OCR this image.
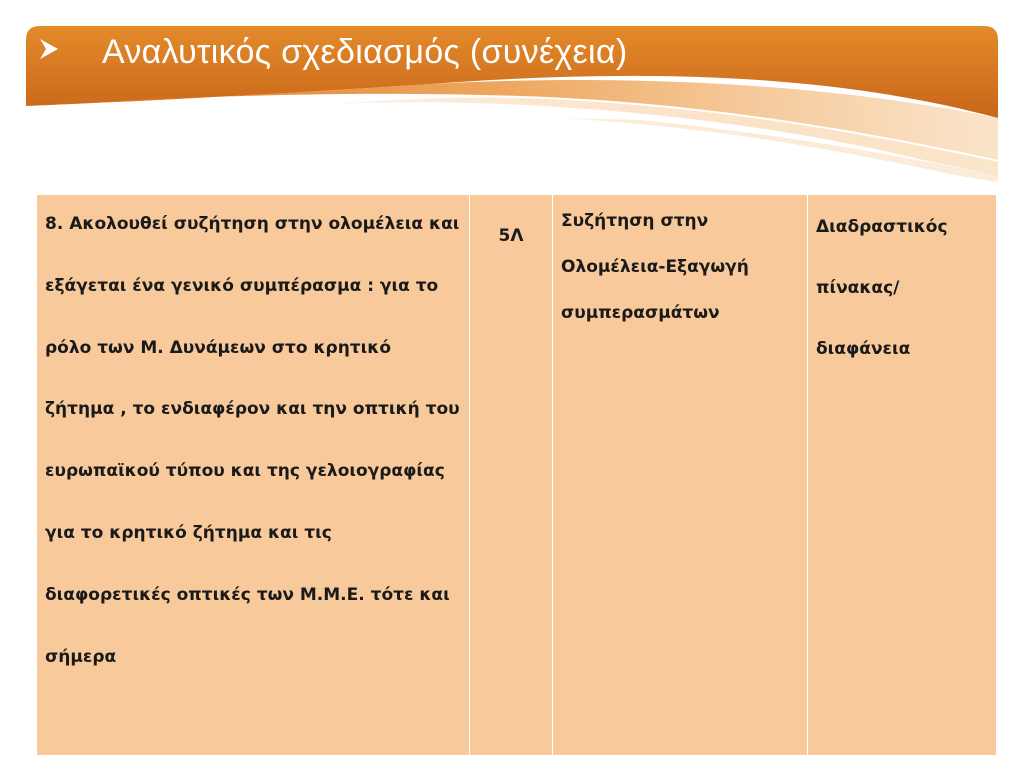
Αναλυτικός σχεδιασμός (συνέχεια)
8. Ακολουθεί συζήτηση στην ολομέλεια και εξάγεται ένα γενικό συμπέρασμα : για το ρόλο των Μ. Δυνάμεων στο κρητικό ζήτημα , το ενδιαφέρον και την οπτική του ευρωπαϊκού τύπου και της γελοιογραφίας για το κρητικό ζήτημα και τις διαφορετικές οπτικές των Μ.Μ.Ε. τότε και σήμερα	5Λ	Συζήτηση στην Ολομέλεια-Εξαγωγή συμπερασμάτων	Διαδραστικός πίνακας/ διαφάνεια
